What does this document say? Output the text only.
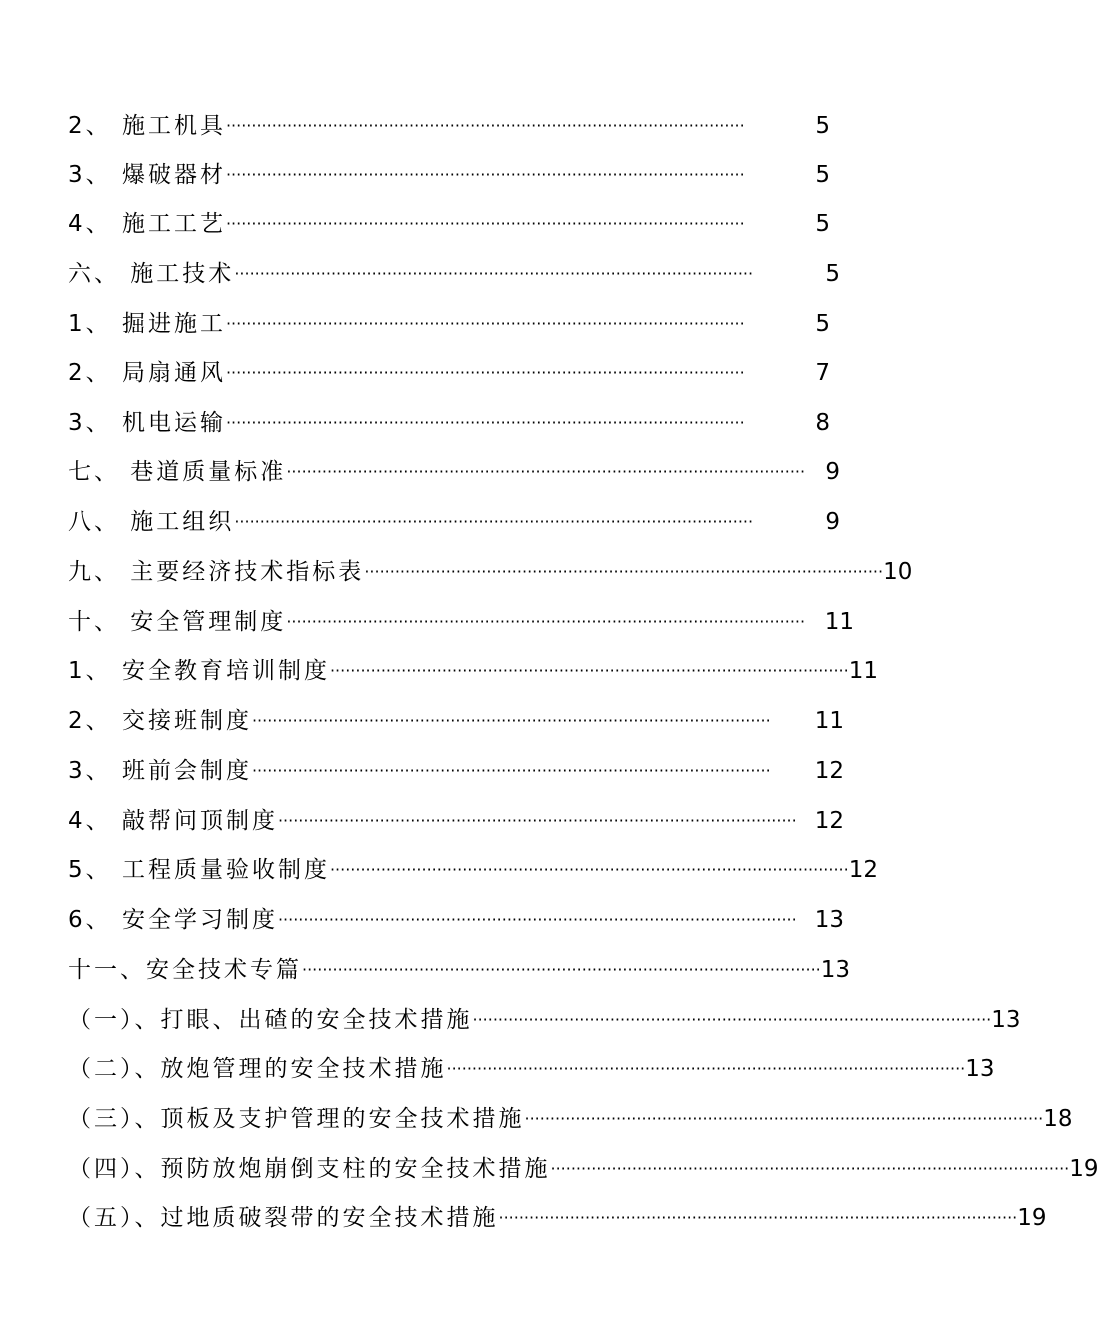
2、 施工机具 ······································································································	5
3、 爆破器材 ······································································································	5
4、 施工工艺 ······································································································	5
六、 施工技术 ······································································································	5
1、 掘进施工 ······································································································	5
2、 局扇通风 ······································································································	7
3、 机电运输 ······································································································	8
七、 巷道质量标准 ······································································································ 9
八、 施工组织 ······································································································	9
九、 主要经济技术指标表 ······································································································ 10
十、 安全管理制度 ······································································································ 11
1、 安全教育培训制度 ······································································································ 11
2、 交接班制度 ······································································································	11
3、 班前会制度 ······································································································	12
4、 敲帮问顶制度 ······································································································ 12
5、 工程质量验收制度 ······································································································ 12
6、 安全学习制度 ······································································································ 13
十一、安全技术专篇 ······································································································ 13
（一）、打眼、出碴的安全技术措施 ······································································································ 13
（二）、放炮管理的安全技术措施 ······································································································ 13
（三）、顶板及支护管理的安全技术措施 ······································································································ 18
（四）、预防放炮崩倒支柱的安全技术措施 ······································································································ 19
（五）、过地质破裂带的安全技术措施 ······································································································ 19
